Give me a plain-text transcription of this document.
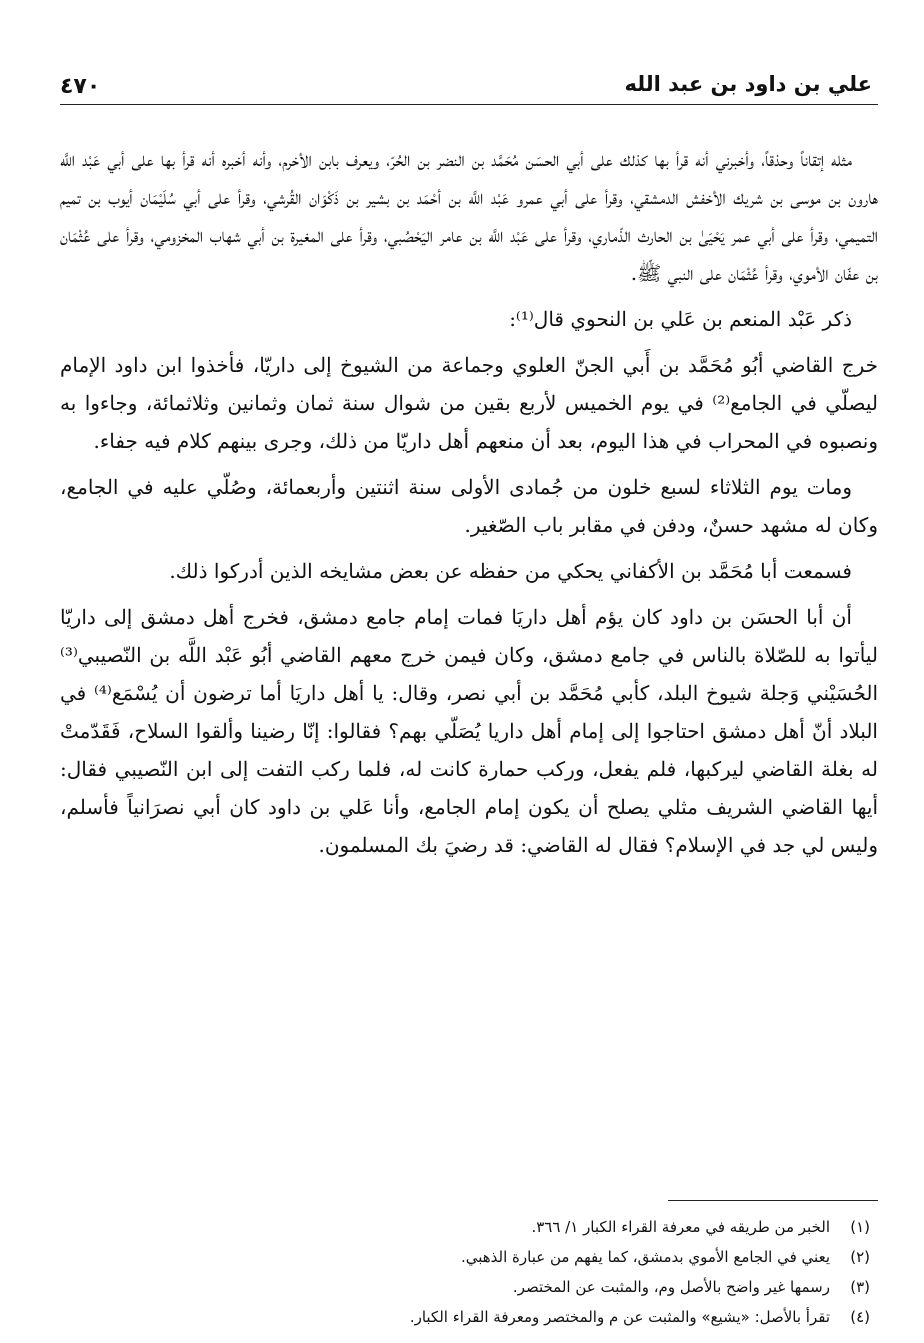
علي بن داود بن عبد الله
٤٧٠

مثله إتقاناً وحذقاً، وأخبرني أنه قرأ بها كذلك على أبي الحسَن مُحَمَّد بن النضر بن الحُرّ، ويعرف بابن الأخرم، وأنه أخبره أنه قرأ بها على أبي عَبْد اللَّه هارون بن موسى بن شريك الأخفش الدمشقي، وقرأ على أبي عمرو عَبْد اللَّه بن أحْمَد بن بشير بن ذَكْوَان القُرشي، وقرأ على أبي سُلَيْمَان أيوب بن تميم التميمي، وقرأ على أبي عمر يَحْيَىٰ بن الحارث الذّماري، وقرأ على عَبْد اللَّه بن عامر اليَحْصُبي، وقرأ على المغيرة بن أبي شهاب المخزومي، وقرأ على عُثْمَان بن عفّان الأموي، وقرأ عُثْمَان على النبي ﷺ.

ذكر عَبْد المنعم بن عَلي بن النحوي قال⁽¹⁾:

خرج القاضي أبُو مُحَمَّد بن أَبي الجنّ العلوي وجماعة من الشيوخ إلى داريّا، فأخذوا ابن داود الإمام ليصلّي في الجامع⁽²⁾ في يوم الخميس لأربع بقين من شوال سنة ثمان وثمانين وثلاثمائة، وجاءوا به ونصبوه في المحراب في هذا اليوم، بعد أن منعهم أهل داريّا من ذلك، وجرى بينهم كلام فيه جفاء.

ومات يوم الثلاثاء لسبع خلون من جُمادى الأولى سنة اثنتين وأربعمائة، وصُلّي عليه في الجامع، وكان له مشهد حسنٌ، ودفن في مقابر باب الصّغير.

فسمعت أبا مُحَمَّد بن الأكفاني يحكي من حفظه عن بعض مشايخه الذين أدركوا ذلك.

أن أبا الحسَن بن داود كان يؤم أهل داريَا فمات إمام جامع دمشق، فخرج أهل دمشق إلى داريّا ليأتوا به للصّلاة بالناس في جامع دمشق، وكان فيمن خرج معهم القاضي أبُو عَبْد اللَّه بن النّصيبي⁽³⁾ الحُسَيْني وَجلة شيوخ البلد، كأبي مُحَمَّد بن أبي نصر، وقال: يا أهل داريَا أما ترضون أن يُسْمَع⁽⁴⁾ في البلاد أنّ أهل دمشق احتاجوا إلى إمام أهل داريا يُصَلّي بهم؟ فقالوا: إنّا رضينا وألقوا السلاح، فَقَدّمتْ له بغلة القاضي ليركبها، فلم يفعل، وركب حمارة كانت له، فلما ركب التفت إلى ابن النّصيبي فقال: أيها القاضي الشريف مثلي يصلح أن يكون إمام الجامع، وأنا عَلي بن داود كان أبي نصرَانياً فأسلم، وليس لي جد في الإسلام؟ فقال له القاضي: قد رضيَ بك المسلمون.

(١)
الخبر من طريقه في معرفة القراء الكبار ١/ ٣٦٦.
(٢)
يعني في الجامع الأموي بدمشق، كما يفهم من عبارة الذهبي.
(٣)
رسمها غير واضح بالأصل وم، والمثبت عن المختصر.
(٤)
تقرأ بالأصل: «يشيع» والمثبت عن م والمختصر ومعرفة القراء الكبار.
